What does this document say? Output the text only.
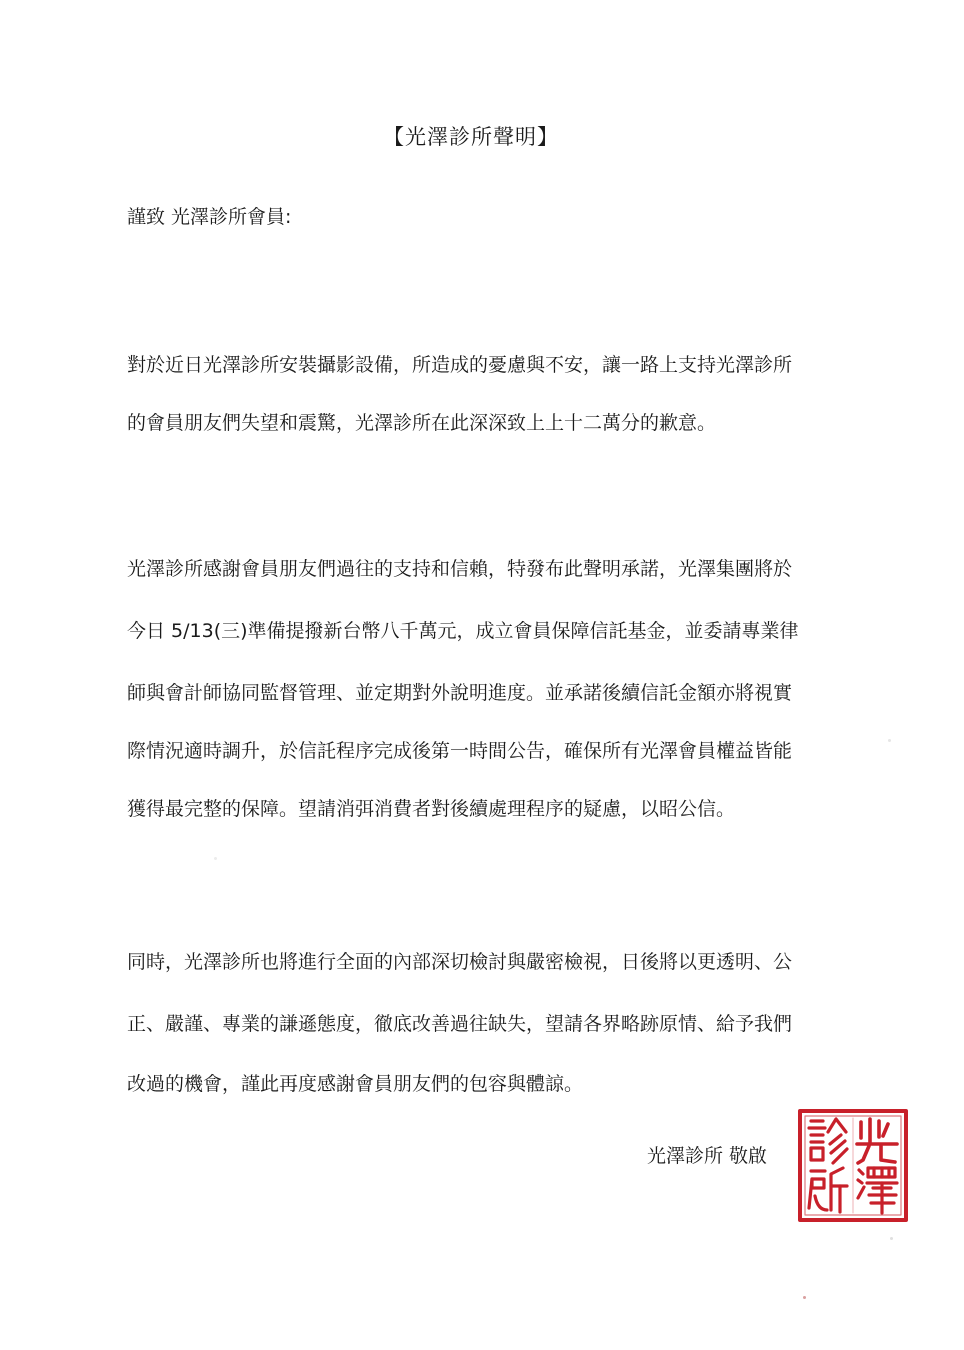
【光澤診所聲明】
謹致 光澤診所會員:
對於近日光澤診所安裝攝影設備，所造成的憂慮與不安，讓一路上支持光澤診所
的會員朋友們失望和震驚，光澤診所在此深深致上上十二萬分的歉意。
光澤診所感謝會員朋友們過往的支持和信賴，特發布此聲明承諾，光澤集團將於
今日 5/13(三)準備提撥新台幣八千萬元，成立會員保障信託基金，並委請專業律
師與會計師協同監督管理、並定期對外說明進度。並承諾後續信託金額亦將視實
際情況適時調升，於信託程序完成後第一時間公告，確保所有光澤會員權益皆能
獲得最完整的保障。望請消弭消費者對後續處理程序的疑慮，以昭公信。
同時，光澤診所也將進行全面的內部深切檢討與嚴密檢視，日後將以更透明、公
正、嚴謹、專業的謙遜態度，徹底改善過往缺失，望請各界略跡原情、給予我們
改過的機會，謹此再度感謝會員朋友們的包容與體諒。
光澤診所 敬啟
